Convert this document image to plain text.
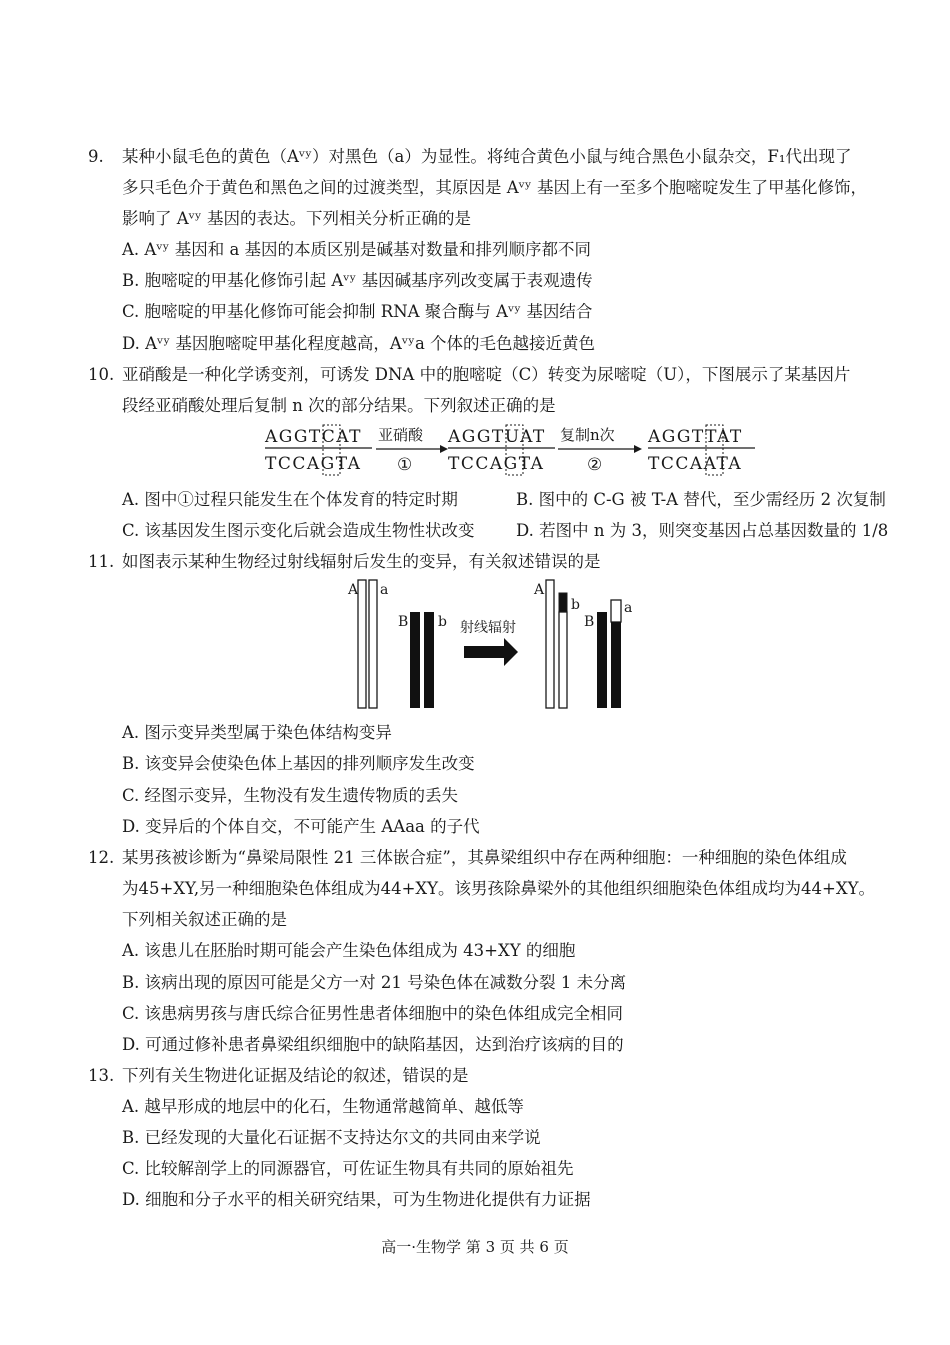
9. 某种小鼠毛色的黄色（Aᵛʸ）对黑色（a）为显性。将纯合黄色小鼠与纯合黑色小鼠杂交，F₁代出现了
多只毛色介于黄色和黑色之间的过渡类型，其原因是 Aᵛʸ 基因上有一至多个胞嘧啶发生了甲基化修饰，
影响了 Aᵛʸ 基因的表达。下列相关分析正确的是
A. Aᵛʸ 基因和 a 基因的本质区别是碱基对数量和排列顺序都不同
B. 胞嘧啶的甲基化修饰引起 Aᵛʸ 基因碱基序列改变属于表观遗传
C. 胞嘧啶的甲基化修饰可能会抑制 RNA 聚合酶与 Aᵛʸ 基因结合
D. Aᵛʸ 基因胞嘧啶甲基化程度越高，Aᵛʸa 个体的毛色越接近黄色
10. 亚硝酸是一种化学诱变剂，可诱发 DNA 中的胞嘧啶（C）转变为尿嘧啶（U），下图展示了某基因片
段经亚硝酸处理后复制 n 次的部分结果。下列叙述正确的是
AGGTCAT
TCCAGTA
亚硝酸
①
AGGTUAT
TCCAGTA
复制n次
②
AGGTTAT
TCCAATA
A. 图中①过程只能发生在个体发育的特定时期	B. 图中的 C-G 被 T-A 替代，至少需经历 2 次复制
C. 该基因发生图示变化后就会造成生物性状改变	D. 若图中 n 为 3，则突变基因占总基因数量的 1/8
11. 如图表示某种生物经过射线辐射后发生的变异，有关叙述错误的是
A a
B b 射线辐射
A
b
B
a
A. 图示变异类型属于染色体结构变异
B. 该变异会使染色体上基因的排列顺序发生改变
C. 经图示变异，生物没有发生遗传物质的丢失
D. 变异后的个体自交，不可能产生 AAaa 的子代
12. 某男孩被诊断为“鼻梁局限性 21 三体嵌合症”，其鼻梁组织中存在两种细胞：一种细胞的染色体组成
为45+XY,另一种细胞染色体组成为44+XY。该男孩除鼻梁外的其他组织细胞染色体组成均为44+XY。
下列相关叙述正确的是
A. 该患儿在胚胎时期可能会产生染色体组成为 43+XY 的细胞
B. 该病出现的原因可能是父方一对 21 号染色体在减数分裂 1 未分离
C. 该患病男孩与唐氏综合征男性患者体细胞中的染色体组成完全相同
D. 可通过修补患者鼻梁组织细胞中的缺陷基因，达到治疗该病的目的
13. 下列有关生物进化证据及结论的叙述，错误的是
A. 越早形成的地层中的化石，生物通常越简单、越低等
B. 已经发现的大量化石证据不支持达尔文的共同由来学说
C. 比较解剖学上的同源器官，可佐证生物具有共同的原始祖先
D. 细胞和分子水平的相关研究结果，可为生物进化提供有力证据
高一·生物学 第 3 页 共 6 页
